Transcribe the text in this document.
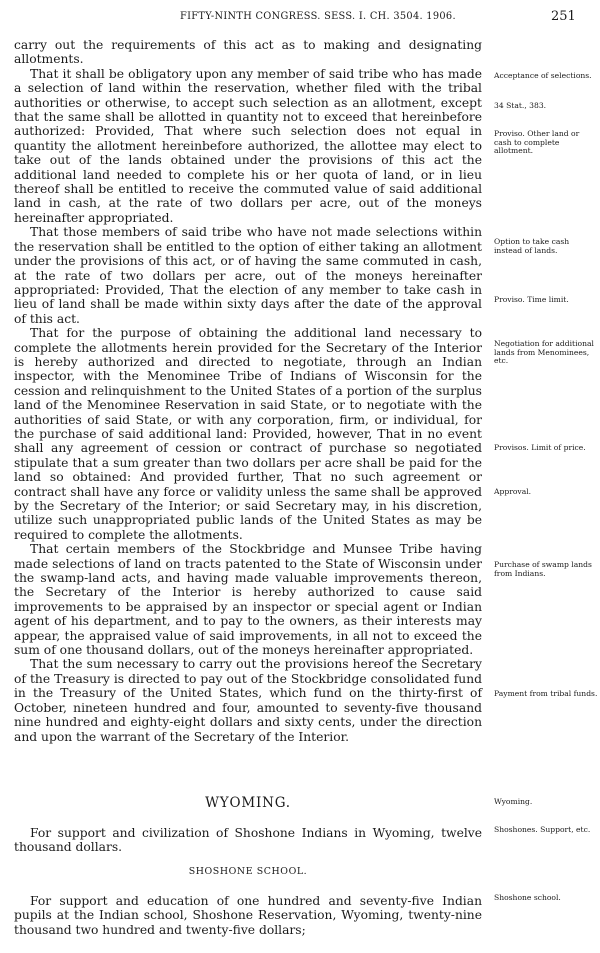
FIFTY-NINTH CONGRESS. SESS. I. CH. 3504. 1906.	251

carry out the requirements of this act as to making and designating allotments.

That it shall be obligatory upon any member of said tribe who has made a selection of land within the reservation, whether filed with the tribal authorities or otherwise, to accept such selection as an allotment, except that the same shall be allotted in quantity not to exceed that hereinbefore authorized: Provided, That where such selection does not equal in quantity the allotment hereinbefore authorized, the allottee may elect to take out of the lands obtained under the provisions of this act the additional land needed to complete his or her quota of land, or in lieu thereof shall be entitled to receive the commuted value of said additional land in cash, at the rate of two dollars per acre, out of the moneys hereinafter appropriated.

That those members of said tribe who have not made selections within the reservation shall be entitled to the option of either taking an allotment under the provisions of this act, or of having the same commuted in cash, at the rate of two dollars per acre, out of the moneys hereinafter appropriated: Provided, That the election of any member to take cash in lieu of land shall be made within sixty days after the date of the approval of this act.

That for the purpose of obtaining the additional land necessary to complete the allotments herein provided for the Secretary of the Interior is hereby authorized and directed to negotiate, through an Indian inspector, with the Menominee Tribe of Indians of Wisconsin for the cession and relinquishment to the United States of a portion of the surplus land of the Menominee Reservation in said State, or to negotiate with the authorities of said State, or with any corporation, firm, or individual, for the purchase of said additional land: Provided, however, That in no event shall any agreement of cession or contract of purchase so negotiated stipulate that a sum greater than two dollars per acre shall be paid for the land so obtained: And provided further, That no such agreement or contract shall have any force or validity unless the same shall be approved by the Secretary of the Interior; or said Secretary may, in his discretion, utilize such unappropriated public lands of the United States as may be required to complete the allotments.

That certain members of the Stockbridge and Munsee Tribe having made selections of land on tracts patented to the State of Wisconsin under the swamp-land acts, and having made valuable improvements thereon, the Secretary of the Interior is hereby authorized to cause said improvements to be appraised by an inspector or special agent or Indian agent of his department, and to pay to the owners, as their interests may appear, the appraised value of said improvements, in all not to exceed the sum of one thousand dollars, out of the moneys hereinafter appropriated.

That the sum necessary to carry out the provisions hereof the Secretary of the Treasury is directed to pay out of the Stockbridge consolidated fund in the Treasury of the United States, which fund on the thirty-first of October, nineteen hundred and four, amounted to seventy-five thousand nine hundred and eighty-eight dollars and sixty cents, under the direction and upon the warrant of the Secretary of the Interior.

WYOMING.

For support and civilization of Shoshone Indians in Wyoming, twelve thousand dollars.

SHOSHONE SCHOOL.

For support and education of one hundred and seventy-five Indian pupils at the Indian school, Shoshone Reservation, Wyoming, twenty-nine thousand two hundred and twenty-five dollars;

Acceptance of selections.
34 Stat., 383.
Proviso. Other land or cash to complete allotment.
Option to take cash instead of lands.
Proviso. Time limit.
Negotiation for additional lands from Menominees, etc.
Provisos. Limit of price.
Approval.
Purchase of swamp lands from Indians.
Payment from tribal funds.
Wyoming.
Shoshones. Support, etc.
Shoshone school.
